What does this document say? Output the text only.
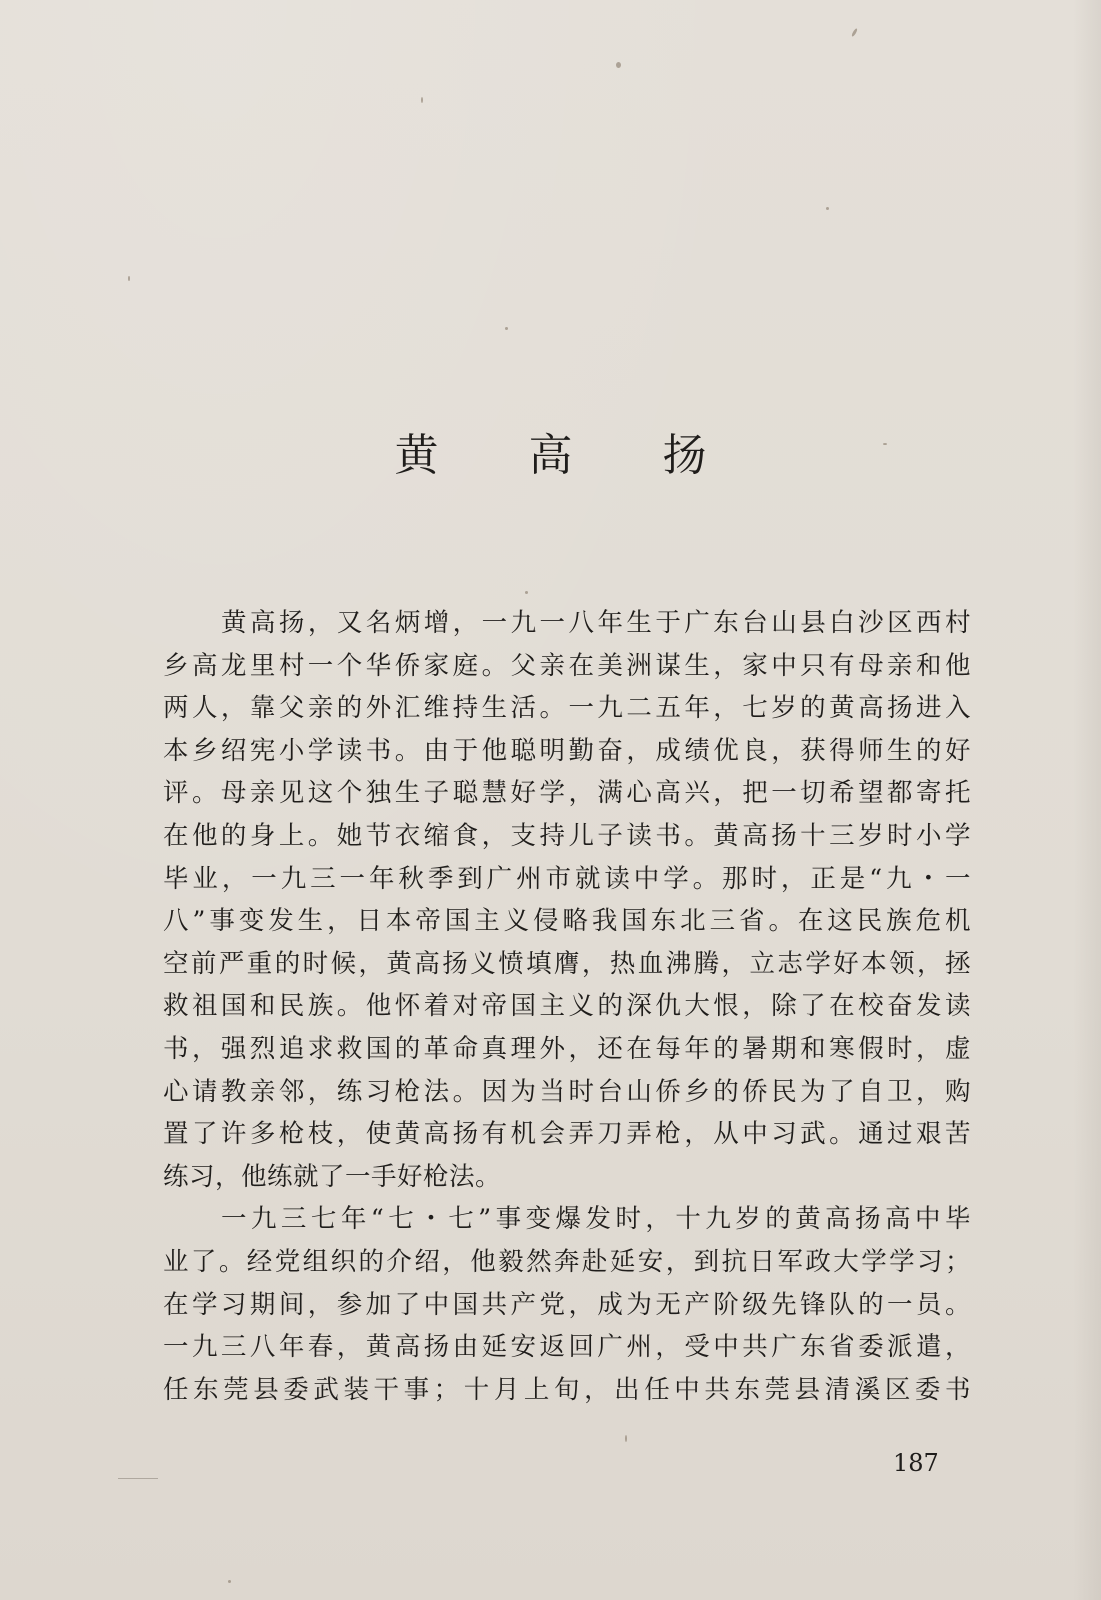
黄 高 扬
黄高扬，又名炳增，一九一八年生于广东台山县白沙区西村
乡高龙里村一个华侨家庭。父亲在美洲谋生，家中只有母亲和他
两人，靠父亲的外汇维持生活。一九二五年，七岁的黄高扬进入
本乡绍宪小学读书。由于他聪明勤奋，成绩优良，获得师生的好
评。母亲见这个独生子聪慧好学，满心高兴，把一切希望都寄托
在他的身上。她节衣缩食，支持儿子读书。黄高扬十三岁时小学
毕业，一九三一年秋季到广州市就读中学。那时，正是“九・一
八”事变发生，日本帝国主义侵略我国东北三省。在这民族危机
空前严重的时候，黄高扬义愤填膺，热血沸腾，立志学好本领，拯
救祖国和民族。他怀着对帝国主义的深仇大恨，除了在校奋发读
书，强烈追求救国的革命真理外，还在每年的暑期和寒假时，虚
心请教亲邻，练习枪法。因为当时台山侨乡的侨民为了自卫，购
置了许多枪枝，使黄高扬有机会弄刀弄枪，从中习武。通过艰苦
练习，他练就了一手好枪法。
一九三七年“七・七”事变爆发时，十九岁的黄高扬高中毕
业了。经党组织的介绍，他毅然奔赴延安，到抗日军政大学学习；
在学习期间，参加了中国共产党，成为无产阶级先锋队的一员。
一九三八年春，黄高扬由延安返回广州，受中共广东省委派遣，
任东莞县委武装干事；十月上旬，出任中共东莞县清溪区委书
187
